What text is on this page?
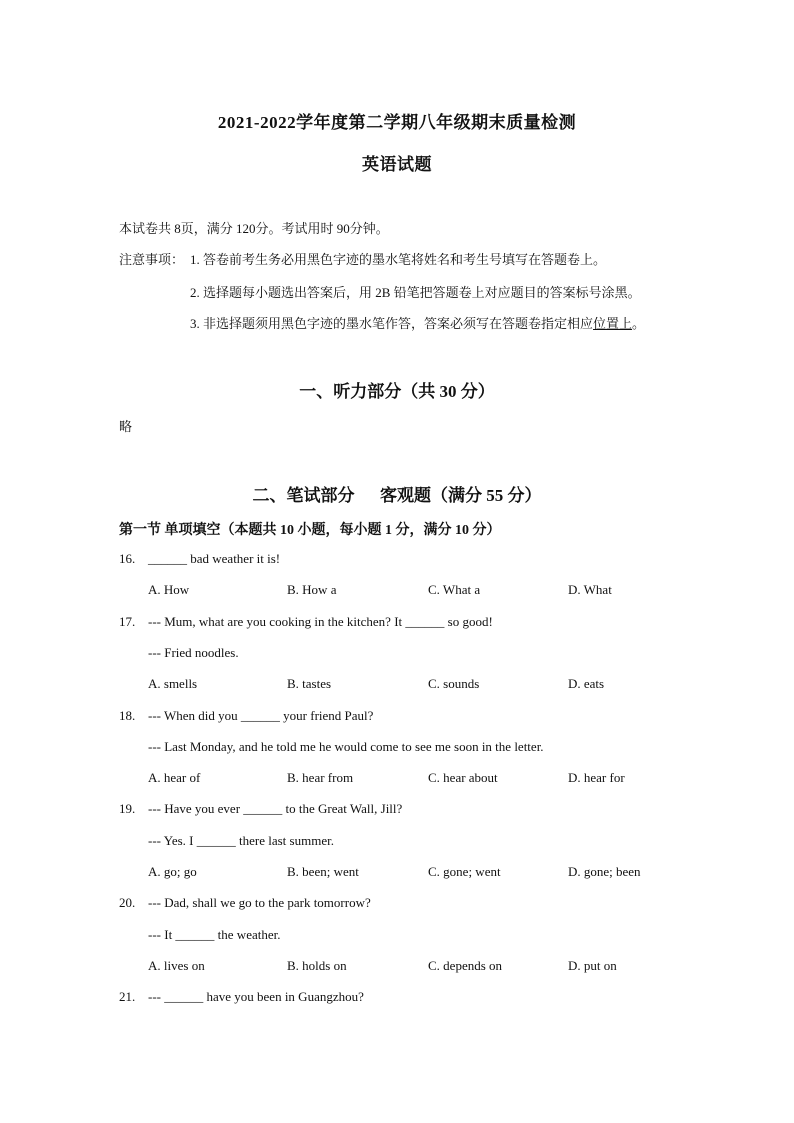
2021-2022学年度第二学期八年级期末质量检测
英语试题
本试卷共 8页，满分 120分。考试用时 90分钟。
注意事项： 1. 答卷前考生务必用黑色字迹的墨水笔将姓名和考生号填写在答题卷上。
2. 选择题每小题选出答案后，用 2B 铅笔把答题卷上对应题目的答案标号涂黑。
3. 非选择题须用黑色字迹的墨水笔作答，答案必须写在答题卷指定相应位置上。
一、听力部分（共 30 分）
略
二、笔试部分      客观题（满分 55 分）
第一节 单项填空（本题共 10 小题，每小题 1 分，满分 10 分）
16. ______ bad weather it is!
A. How	B. How a	C. What a	D. What
17. --- Mum, what are you cooking in the kitchen? It ______ so good!
--- Fried noodles.
A. smells	B. tastes	C. sounds	D. eats
18. --- When did you ______ your friend Paul?
--- Last Monday, and he told me he would come to see me soon in the letter.
A. hear of	B. hear from	C. hear about	D. hear for
19. --- Have you ever ______ to the Great Wall, Jill?
--- Yes. I ______ there last summer.
A. go; go	B. been; went	C. gone; went	D. gone; been
20. --- Dad, shall we go to the park tomorrow?
--- It ______ the weather.
A. lives on	B. holds on	C. depends on	D. put on
21. --- ______ have you been in Guangzhou?
